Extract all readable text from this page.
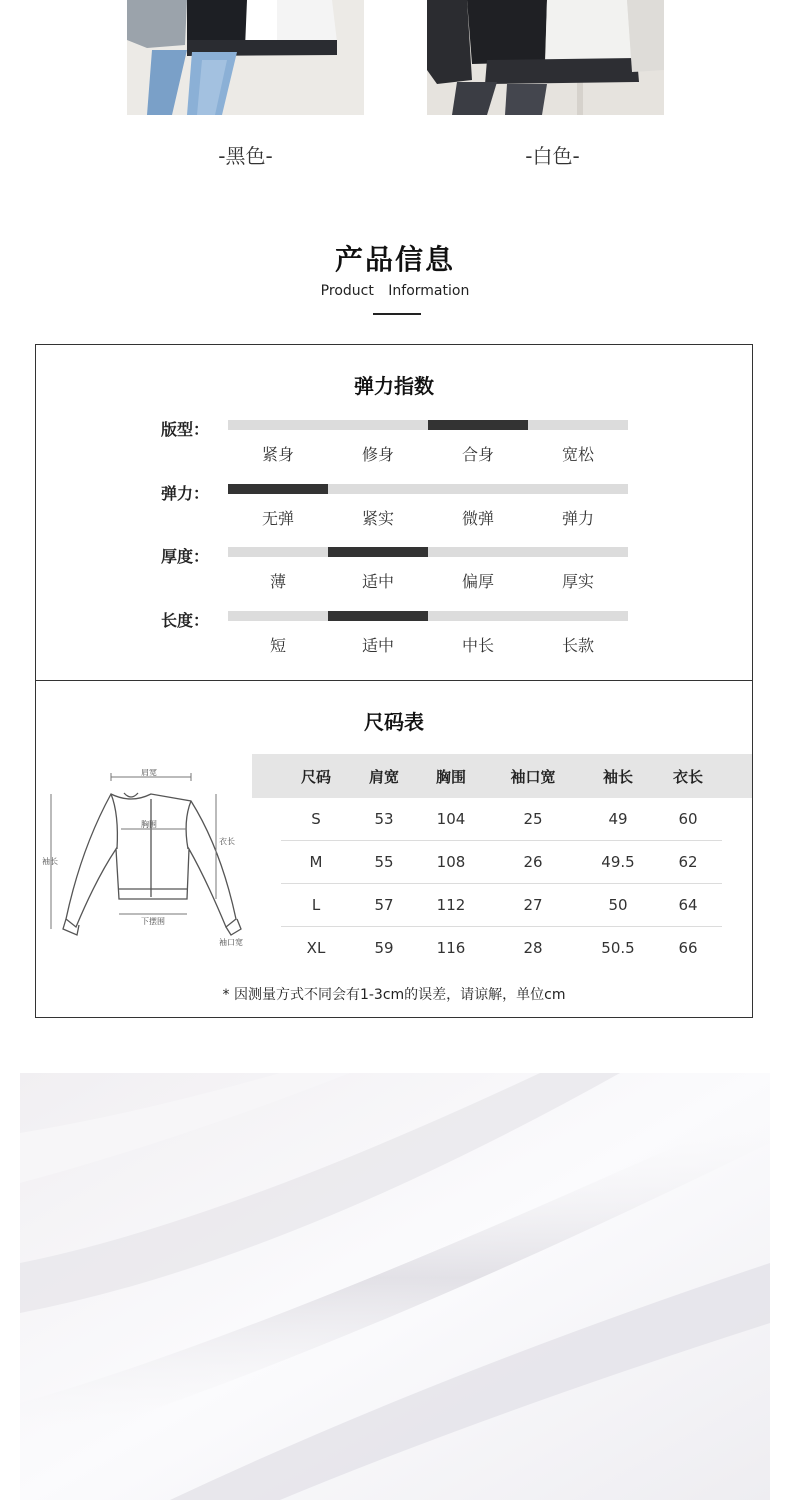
-黑色-	-白色-
产品信息
Product Information
弹力指数
版型：
紧身	修身	合身	宽松
弹力：
无弹	紧实	微弹	弹力
厚度：
薄	适中	偏厚	厚实
长度：
短	适中	中长	长款
尺码表
肩宽
胸围
衣长
袖长
下摆围
袖口宽
尺码	肩宽	胸围	袖口宽	袖长	衣长
S	53	104	25	49	60
M	55	108	26	49.5	62
L	57	112	27	50	64
XL	59	116	28	50.5	66
* 因测量方式不同会有1-3cm的误差，请谅解，单位cm
